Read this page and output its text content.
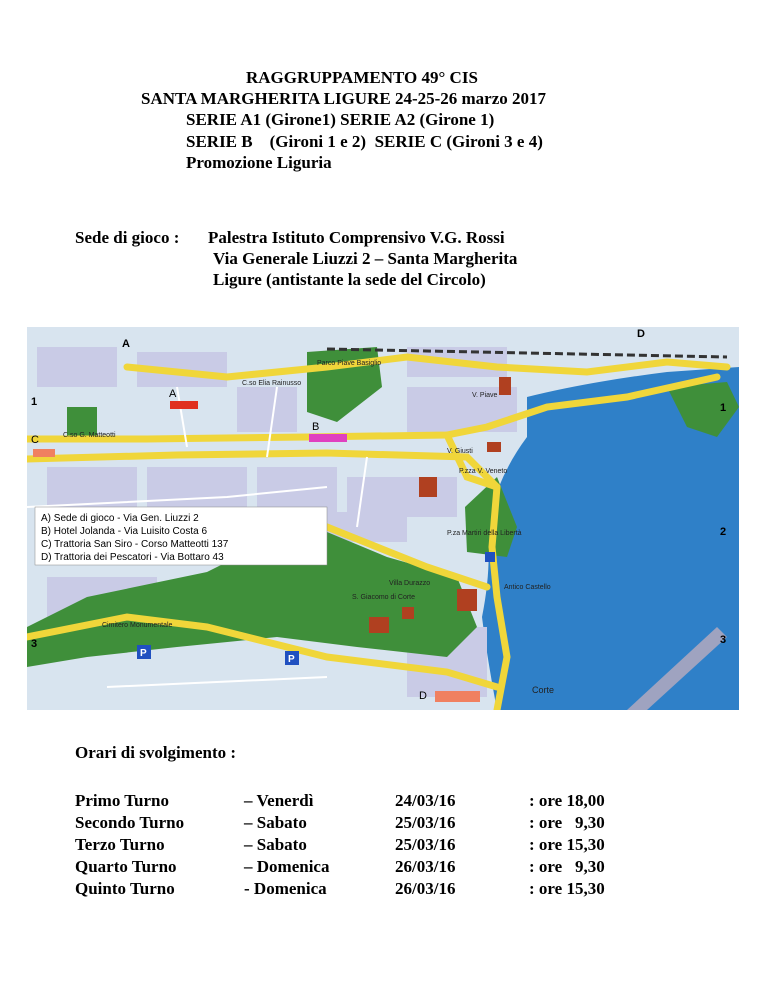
RAGGRUPPAMENTO 49° CIS
SANTA MARGHERITA LIGURE 24-25-26 marzo 2017
SERIE A1 (Girone1) SERIE A2 (Girone 1)
SERIE B    (Gironi 1 e 2)  SERIE C (Gironi 3 e 4)
Promozione Liguria
Sede di gioco : Palestra Istituto Comprensivo V.G. Rossi
Via Generale Liuzzi 2 – Santa Margherita
Ligure (antistante la sede del Circolo)
A
B
C
D
Parco Piave Basiglio
C.so Elia Rainusso
C.so G. Matteotti
V. Piave
V. Giusti
P.zza V. Veneto
P.za Martiri della Libertà
Villa Durazzo
S. Giacomo di Corte
Antico Castello
Corte
Cimitero Monumentale
P
P
1
2
3	3
1
A
D
A) Sede di gioco - Via Gen. Liuzzi 2
B) Hotel Jolanda - Via Luisito Costa 6
C) Trattoria San Siro - Corso Matteotti 137
D) Trattoria dei Pescatori - Via Bottaro 43
Orari di svolgimento :
Primo Turno	– Venerdì	24/03/16	: ore 18,00
Secondo Turno	– Sabato	25/03/16	: ore   9,30
Terzo Turno	– Sabato	25/03/16	: ore 15,30
Quarto Turno	– Domenica	26/03/16	: ore   9,30
Quinto Turno	- Domenica	26/03/16	: ore 15,30
